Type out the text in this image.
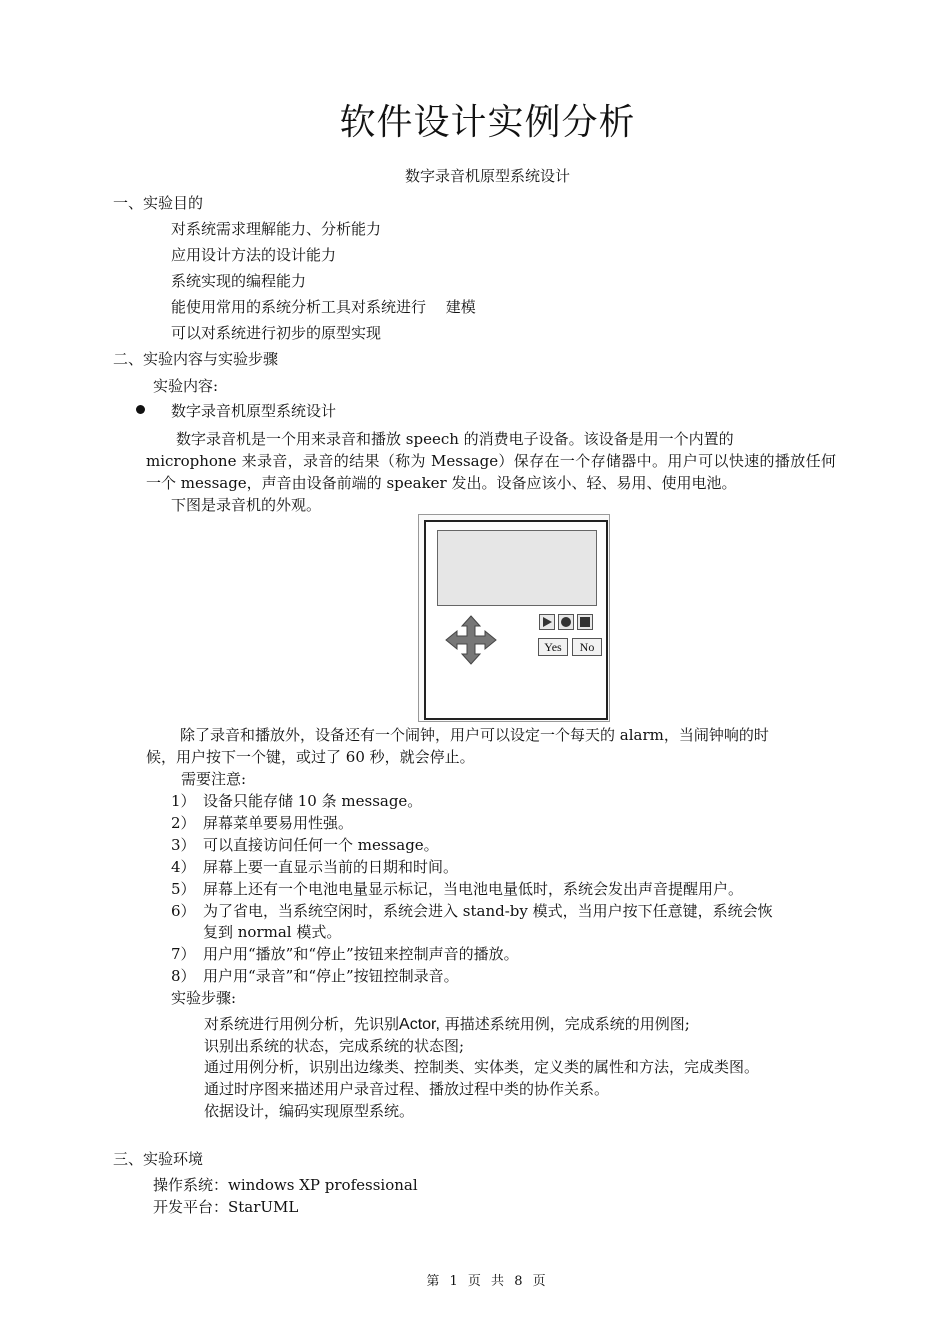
软件设计实例分析
数字录音机原型系统设计
一、实验目的
对系统需求理解能力、分析能力
应用设计方法的设计能力
系统实现的编程能力
能使用常用的系统分析工具对系统进行　 建模
可以对系统进行初步的原型实现
二、实验内容与实验步骤
实验内容:
数字录音机原型系统设计
数字录音机是一个用来录音和播放 speech 的消费电子设备。该设备是用一个内置的
microphone 来录音，录音的结果（称为 Message）保存在一个存储器中。用户可以快速的播放任何一个 message，声音由设备前端的 speaker 发出。设备应该小、轻、易用、使用电池。
下图是录音机的外观。
Yes	No
除了录音和播放外，设备还有一个闹钟，用户可以设定一个每天的 alarm，当闹钟响的时
候，用户按下一个键，或过了 60 秒，就会停止。
需要注意:
1） 设备只能存储 10 条 message。
2） 屏幕菜单要易用性强。
3） 可以直接访问任何一个 message。
4） 屏幕上要一直显示当前的日期和时间。
5） 屏幕上还有一个电池电量显示标记，当电池电量低时，系统会发出声音提醒用户。
6） 为了省电，当系统空闲时，系统会进入 stand-by 模式，当用户按下任意键，系统会恢
复到 normal 模式。
7） 用户用“播放”和“停止”按钮来控制声音的播放。
8） 用户用“录音”和“停止”按钮控制录音。
实验步骤:
对系统进行用例分析，先识别Actor, 再描述系统用例，完成系统的用例图;
识别出系统的状态，完成系统的状态图;
通过用例分析，识别出边缘类、控制类、实体类，定义类的属性和方法，完成类图。
通过时序图来描述用户录音过程、播放过程中类的协作关系。
依据设计，编码实现原型系统。
三、实验环境
操作系统：windows XP professional
开发平台：StarUML
第 1 页 共 8 页
